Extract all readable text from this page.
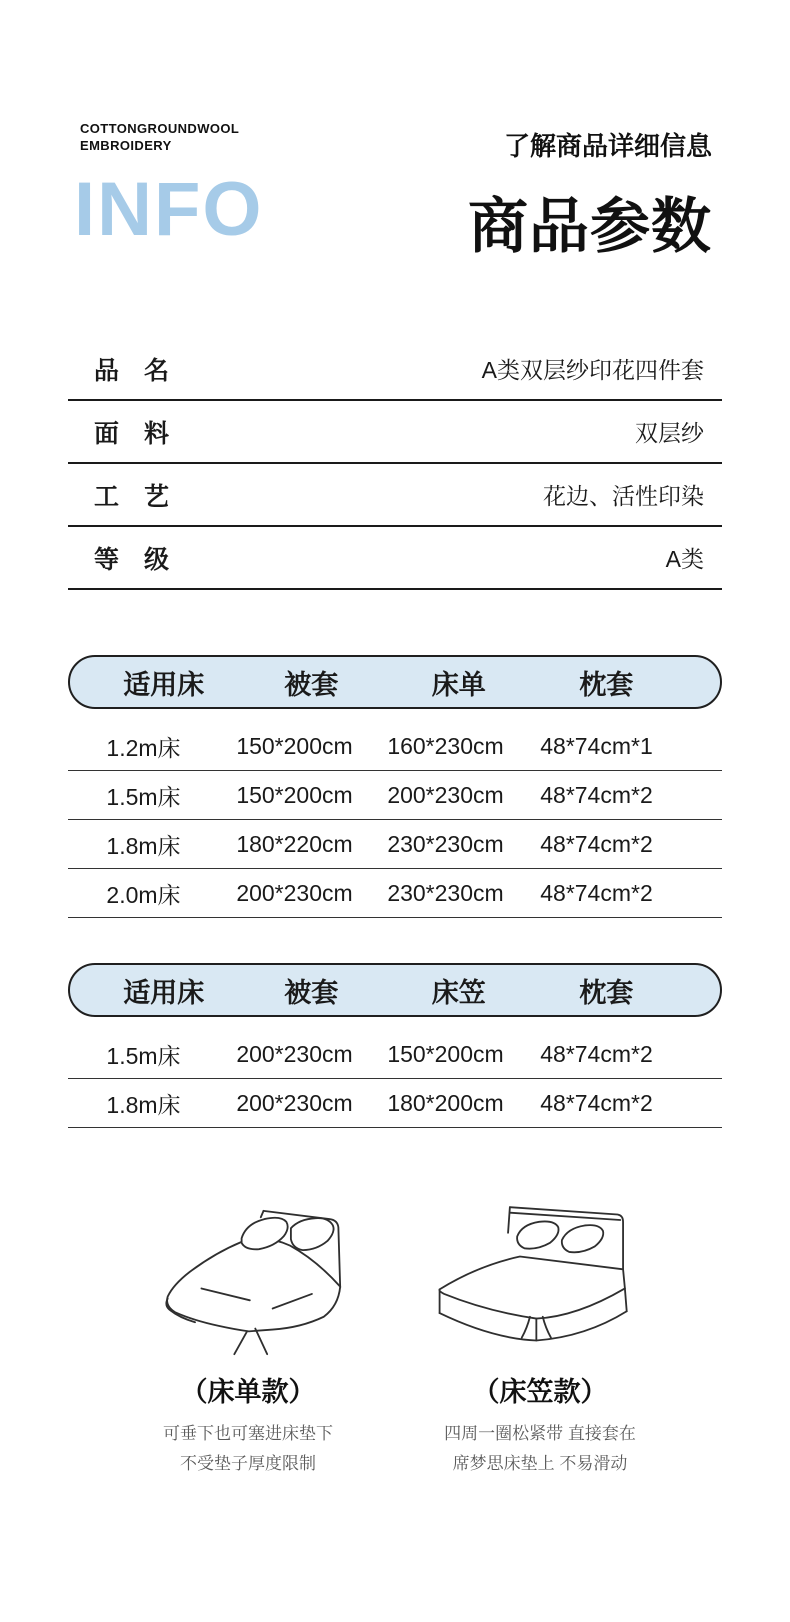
COTTONGROUNDWOOL
EMBROIDERY
INFO
了解商品详细信息
商品参数
品 名	A类双层纱印花四件套
面 料	双层纱
工 艺	花边、活性印染
等 级	A类
适用床	被套	床单	枕套
1.2m床	150*200cm	160*230cm	48*74cm*1
1.5m床	150*200cm	200*230cm	48*74cm*2
1.8m床	180*220cm	230*230cm	48*74cm*2
2.0m床	200*230cm	230*230cm	48*74cm*2
适用床	被套	床笠	枕套
1.5m床	200*230cm	150*200cm	48*74cm*2
1.8m床	200*230cm	180*200cm	48*74cm*2
（床单款）
可垂下也可塞进床垫下
不受垫子厚度限制
（床笠款）
四周一圈松紧带 直接套在
席梦思床垫上 不易滑动
